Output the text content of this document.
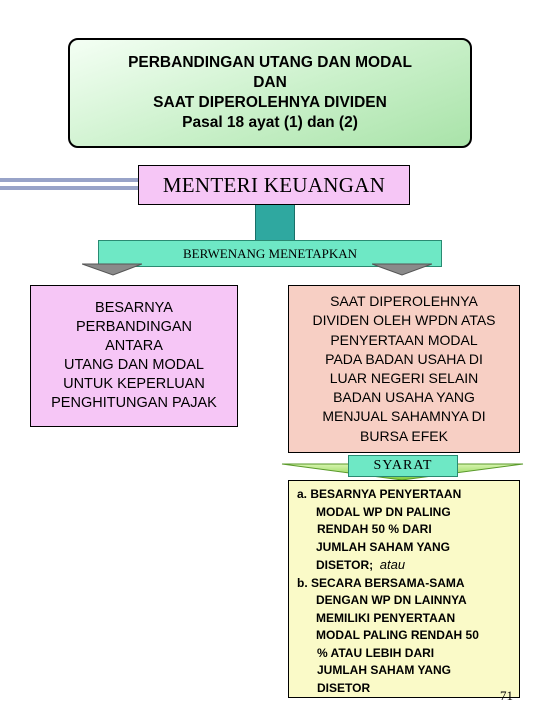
PERBANDINGAN UTANG DAN MODAL
DAN
SAAT DIPEROLEHNYA DIVIDEN
Pasal 18 ayat (1) dan (2)
MENTERI KEUANGAN
BERWENANG MENETAPKAN
BESARNYA
PERBANDINGAN
ANTARA
UTANG DAN MODAL
UNTUK KEPERLUAN
PENGHITUNGAN PAJAK
SAAT DIPEROLEHNYA
DIVIDEN OLEH WPDN ATAS
PENYERTAAN MODAL
PADA BADAN USAHA DI
LUAR NEGERI SELAIN
BADAN USAHA YANG
MENJUAL SAHAMNYA DI
BURSA EFEK
SYARAT
a. BESARNYA PENYERTAAN
MODAL WP DN PALING
RENDAH 50 % DARI
JUMLAH SAHAM YANG
DISETOR; atau
b. SECARA BERSAMA-SAMA
DENGAN WP DN LAINNYA
MEMILIKI PENYERTAAN
MODAL PALING RENDAH 50
% ATAU LEBIH DARI
JUMLAH SAHAM YANG
DISETOR
71
